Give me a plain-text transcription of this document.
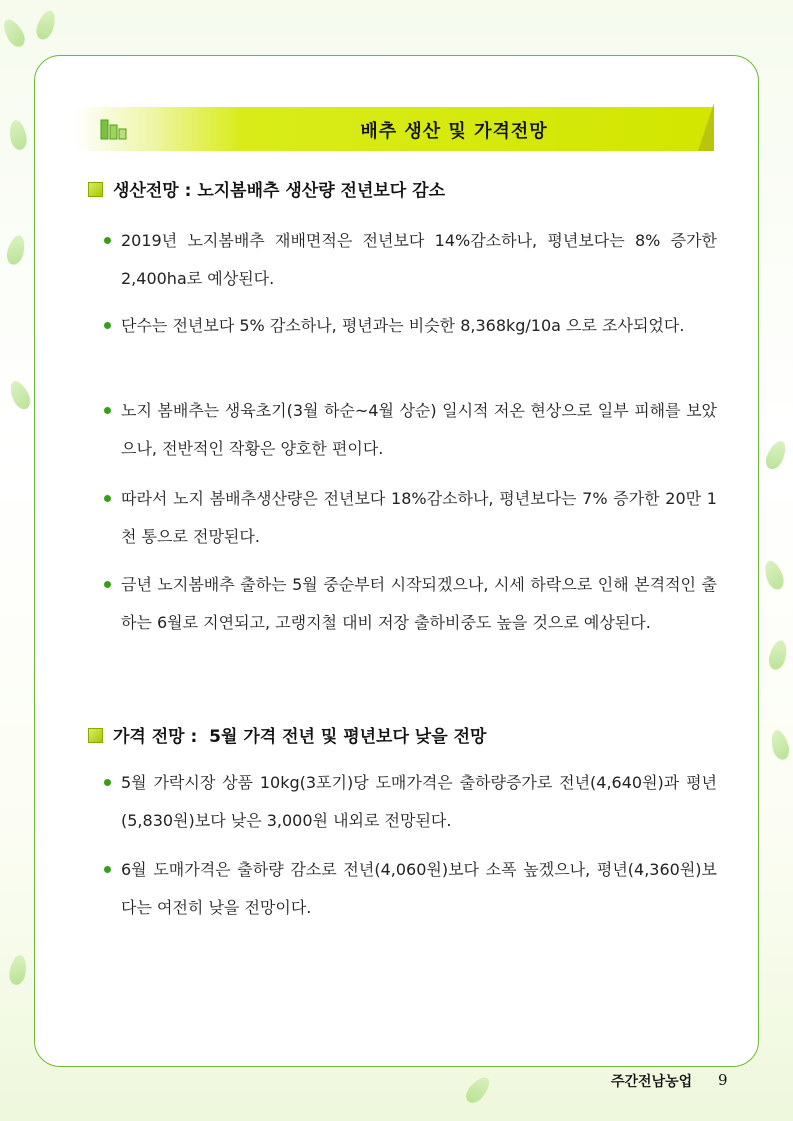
배추 생산 및 가격전망
생산전망 : 노지봄배추 생산량 전년보다 감소
2019년 노지봄배추 재배면적은 전년보다 14%감소하나, 평년보다는 8% 증가한 2,400ha로 예상된다.
단수는 전년보다 5% 감소하나, 평년과는 비슷한 8,368kg/10a 으로 조사되었다.
노지 봄배추는 생육초기(3월 하순~4월 상순) 일시적 저온 현상으로 일부 피해를 보았으나, 전반적인 작황은 양호한 편이다.
따라서 노지 봄배추생산량은 전년보다 18%감소하나, 평년보다는 7% 증가한 20만 1천 통으로 전망된다.
금년 노지봄배추 출하는 5월 중순부터 시작되겠으나, 시세 하락으로 인해 본격적인 출하는 6월로 지연되고, 고랭지철 대비 저장 출하비중도 높을 것으로 예상된다.
가격 전망 :  5월 가격 전년 및 평년보다 낮을 전망
5월 가락시장 상품 10kg(3포기)당 도매가격은 출하량증가로 전년(4,640원)과 평년(5,830원)보다 낮은 3,000원 내외로 전망된다.
6월 도매가격은 출하량 감소로 전년(4,060원)보다 소폭 높겠으나, 평년(4,360원)보다는 여전히 낮을 전망이다.
주간전남농업 9
